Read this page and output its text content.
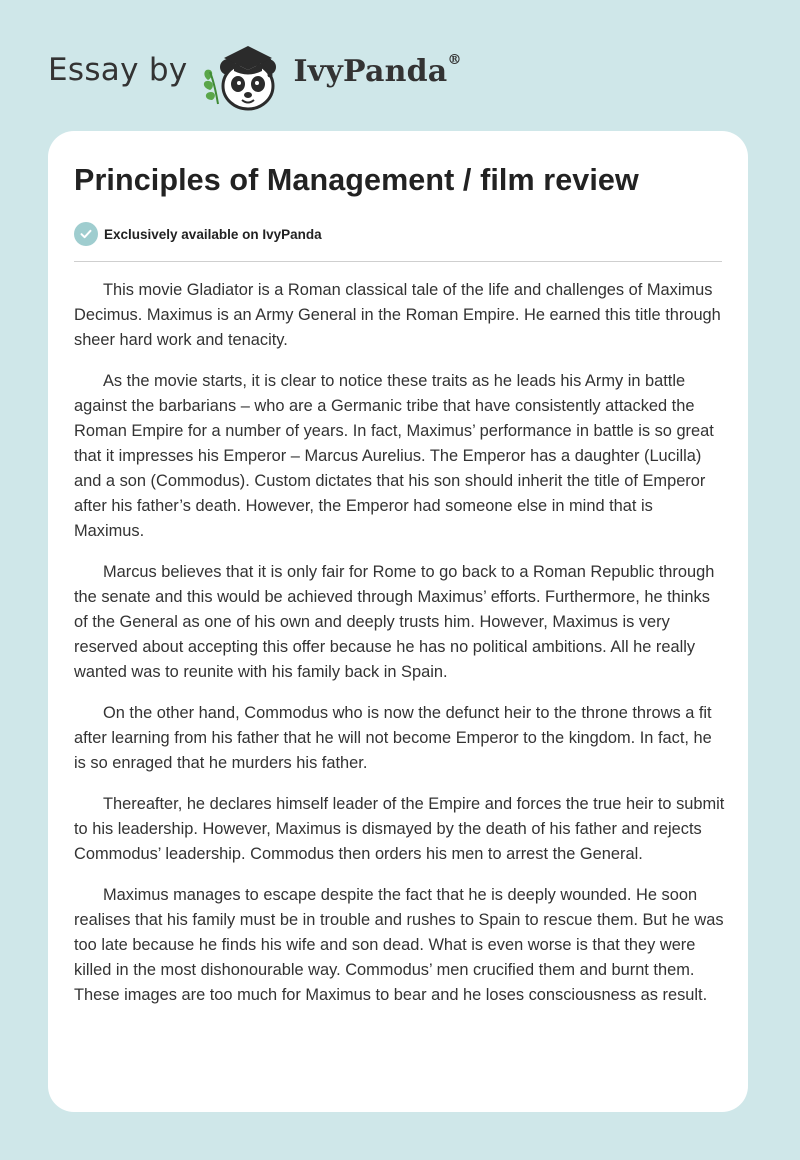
Essay by	IvyPanda®
Principles of Management / film review
Exclusively available on IvyPanda

This movie Gladiator is a Roman classical tale of the life and challenges of Maximus Decimus. Maximus is an Army General in the Roman Empire. He earned this title through sheer hard work and tenacity.

As the movie starts, it is clear to notice these traits as he leads his Army in battle against the barbarians – who are a Germanic tribe that have consistently attacked the Roman Empire for a number of years. In fact, Maximus’ performance in battle is so great that it impresses his Emperor – Marcus Aurelius. The Emperor has a daughter (Lucilla) and a son (Commodus). Custom dictates that his son should inherit the title of Emperor after his father’s death. However, the Emperor had someone else in mind that is Maximus.

Marcus believes that it is only fair for Rome to go back to a Roman Republic through the senate and this would be achieved through Maximus’ efforts. Furthermore, he thinks of the General as one of his own and deeply trusts him. However, Maximus is very reserved about accepting this offer because he has no political ambitions. All he really wanted was to reunite with his family back in Spain.

On the other hand, Commodus who is now the defunct heir to the throne throws a fit after learning from his father that he will not become Emperor to the kingdom. In fact, he is so enraged that he murders his father.

Thereafter, he declares himself leader of the Empire and forces the true heir to submit to his leadership. However, Maximus is dismayed by the death of his father and rejects Commodus’ leadership. Commodus then orders his men to arrest the General.

Maximus manages to escape despite the fact that he is deeply wounded. He soon realises that his family must be in trouble and rushes to Spain to rescue them. But he was too late because he finds his wife and son dead. What is even worse is that they were killed in the most dishonourable way. Commodus’ men crucified them and burnt them. These images are too much for Maximus to bear and he loses consciousness as result.
